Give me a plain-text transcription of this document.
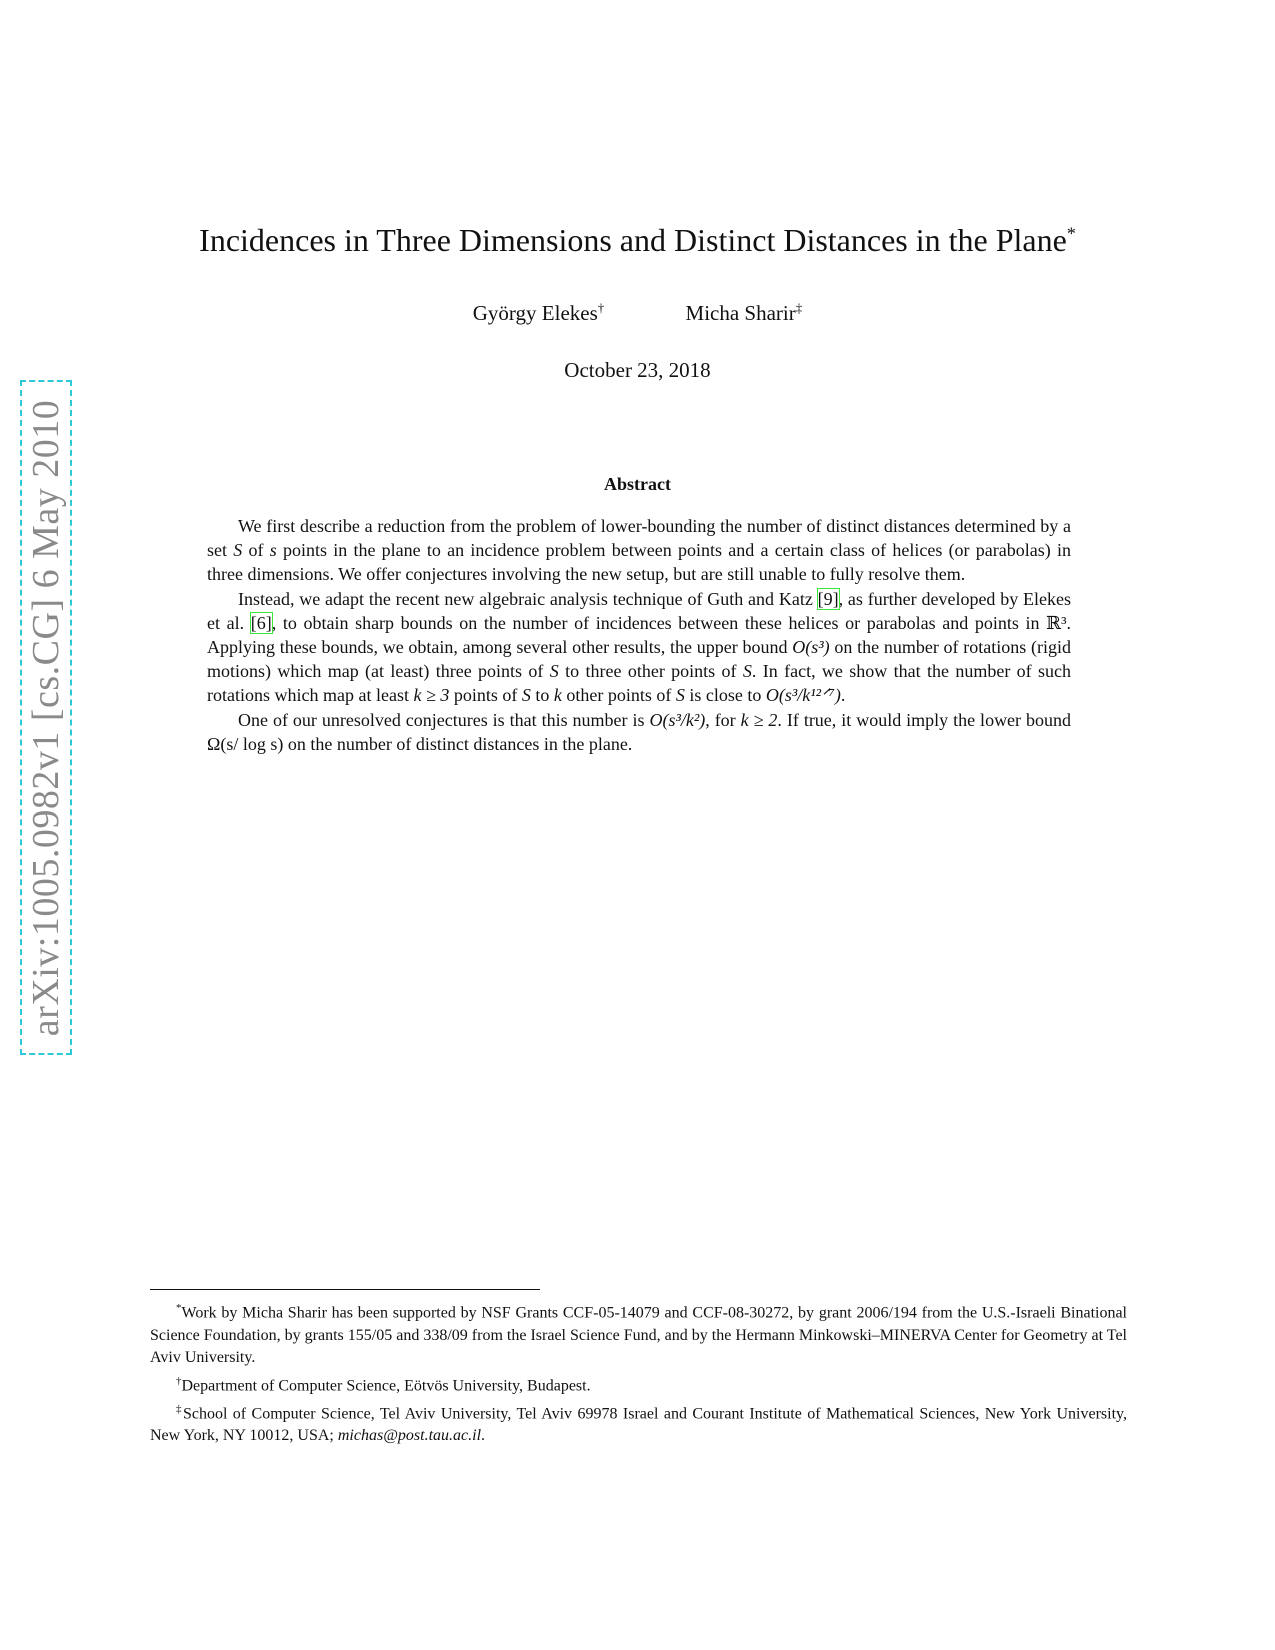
arXiv:1005.0982v1 [cs.CG] 6 May 2010
Incidences in Three Dimensions and Distinct Distances in the Plane*
György Elekes†	Micha Sharir‡
October 23, 2018
Abstract

We first describe a reduction from the problem of lower-bounding the number of distinct distances determined by a set S of s points in the plane to an incidence problem between points and a certain class of helices (or parabolas) in three dimensions. We offer conjectures involving the new setup, but are still unable to fully resolve them.

Instead, we adapt the recent new algebraic analysis technique of Guth and Katz [9], as further developed by Elekes et al. [6], to obtain sharp bounds on the number of incidences between these helices or parabolas and points in ℝ³. Applying these bounds, we obtain, among several other results, the upper bound O(s³) on the number of rotations (rigid motions) which map (at least) three points of S to three other points of S. In fact, we show that the number of such rotations which map at least k ≥ 3 points of S to k other points of S is close to O(s³/k¹²ᐟ⁷).

One of our unresolved conjectures is that this number is O(s³/k²), for k ≥ 2. If true, it would imply the lower bound Ω(s/ log s) on the number of distinct distances in the plane.

*Work by Micha Sharir has been supported by NSF Grants CCF-05-14079 and CCF-08-30272, by grant 2006/194 from the U.S.-Israeli Binational Science Foundation, by grants 155/05 and 338/09 from the Israel Science Fund, and by the Hermann Minkowski–MINERVA Center for Geometry at Tel Aviv University.

†Department of Computer Science, Eötvös University, Budapest.

‡School of Computer Science, Tel Aviv University, Tel Aviv 69978 Israel and Courant Institute of Mathematical Sciences, New York University, New York, NY 10012, USA; michas@post.tau.ac.il.
